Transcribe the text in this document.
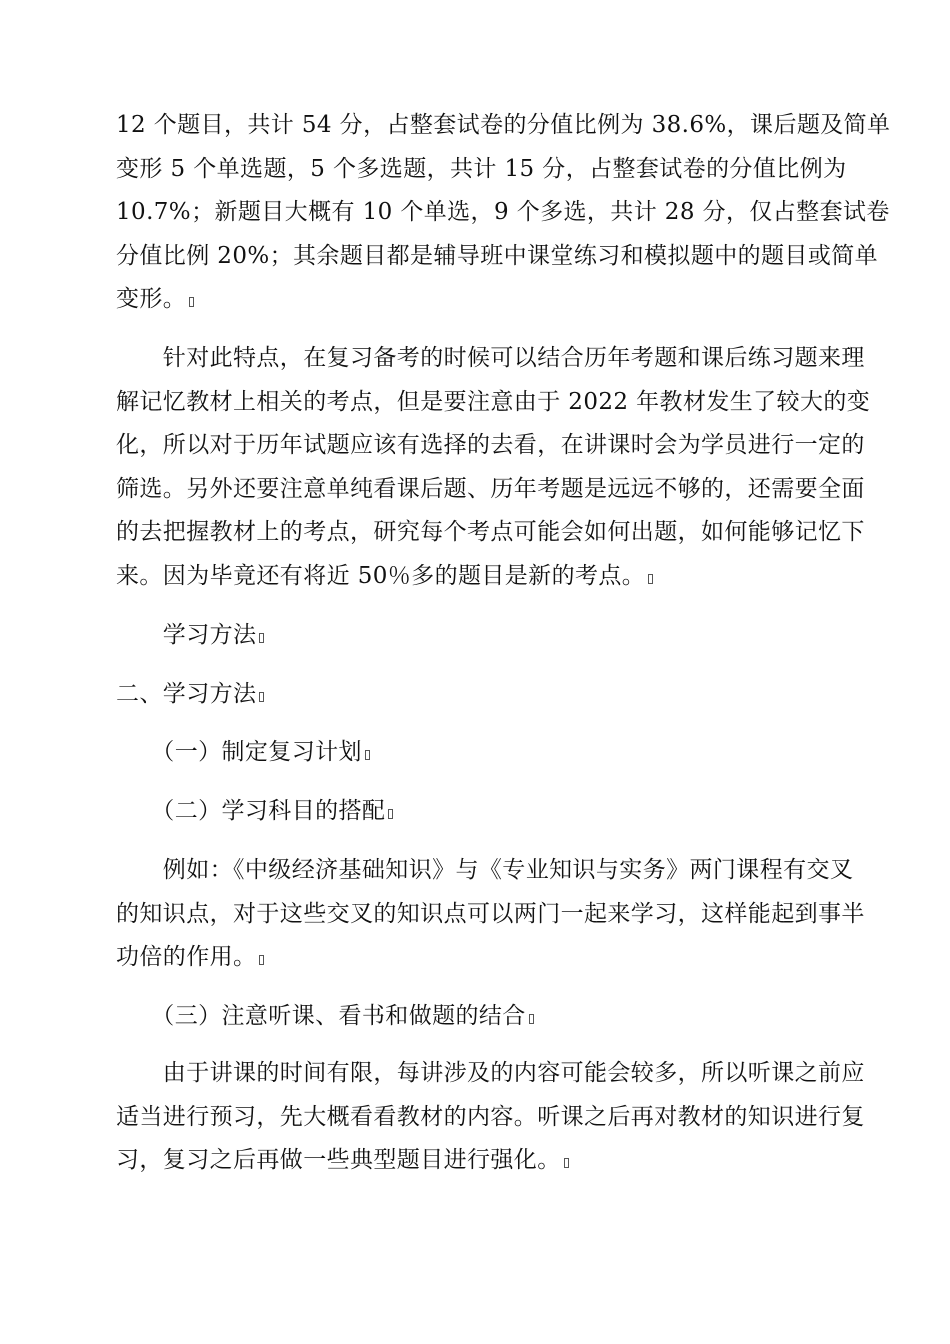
12 个题目，共计 54 分，占整套试卷的分值比例为 38.6%，课后题及简单
变形 5 个单选题，5 个多选题，共计 15 分，占整套试卷的分值比例为
10.7%；新题目大概有 10 个单选，9 个多选，共计 28 分，仅占整套试卷
分值比例 20%；其余题目都是辅导班中课堂练习和模拟题中的题目或简单
变形。
　　针对此特点，在复习备考的时候可以结合历年考题和课后练习题来理
解记忆教材上相关的考点，但是要注意由于 2022 年教材发生了较大的变
化，所以对于历年试题应该有选择的去看，在讲课时会为学员进行一定的
筛选。另外还要注意单纯看课后题、历年考题是远远不够的，还需要全面
的去把握教材上的考点，研究每个考点可能会如何出题，如何能够记忆下
来。因为毕竟还有将近 50％多的题目是新的考点。
　　学习方法
二、学习方法
　　（一）制定复习计划
　　（二）学习科目的搭配
　　例如：《中级经济基础知识》与《专业知识与实务》两门课程有交叉
的知识点，对于这些交叉的知识点可以两门一起来学习，这样能起到事半
功倍的作用。
　　（三）注意听课、看书和做题的结合
　　由于讲课的时间有限，每讲涉及的内容可能会较多，所以听课之前应
适当进行预习，先大概看看教材的内容。听课之后再对教材的知识进行复
习，复习之后再做一些典型题目进行强化。
